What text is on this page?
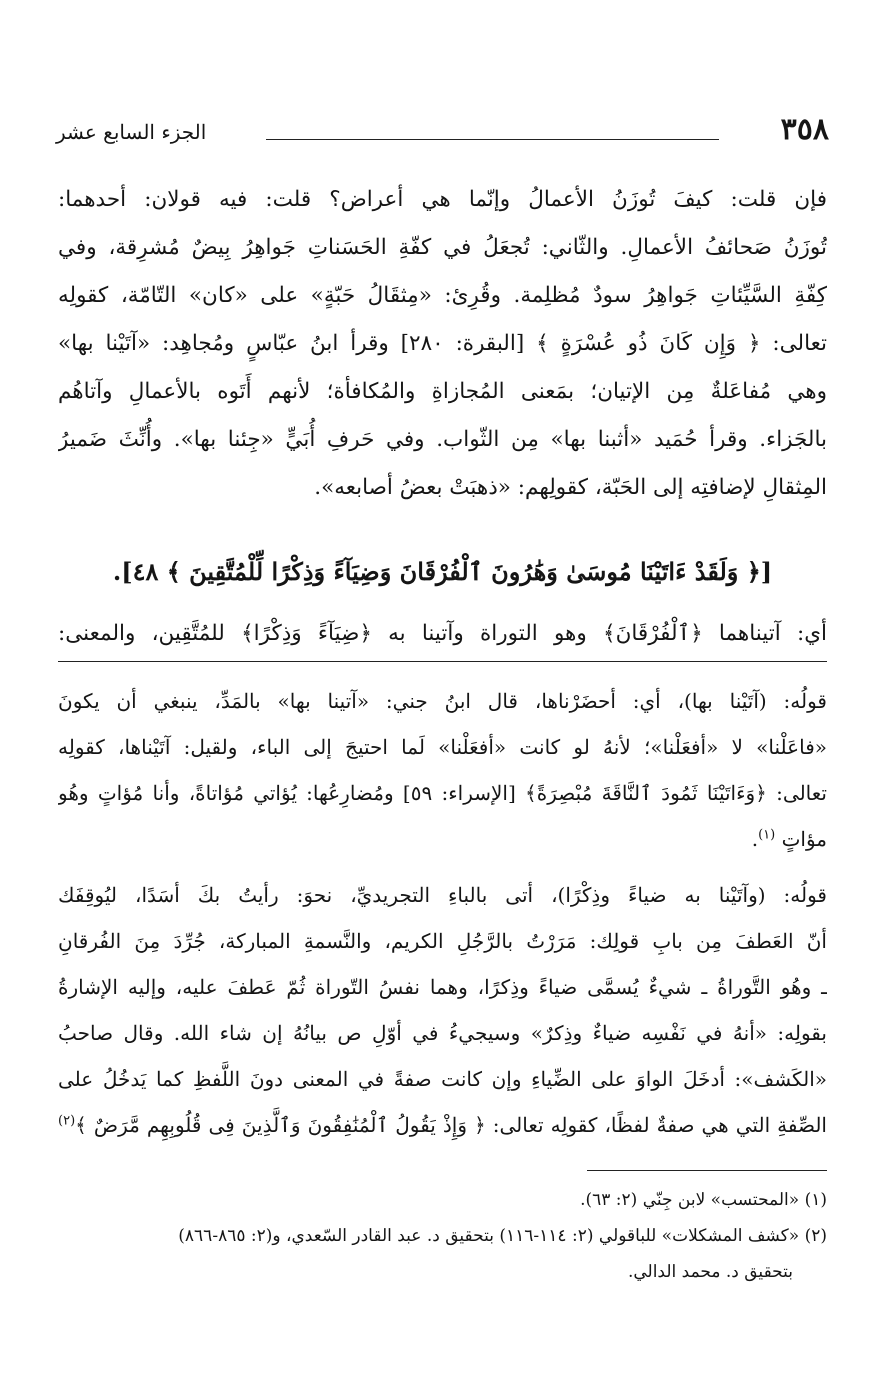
٣٥٨
الجزء السابع عشر
فإن قلت: كيفَ تُوزَنُ الأعمالُ وإنّما هي أعراض؟ قلت: فيه قولان: أحدهما:
تُوزَنُ صَحائفُ الأعمالِ. والثّاني: تُجعَلُ في كفّةِ الحَسَناتِ جَواهِرُ بِيضٌ مُشرِقة، وفي
كِفّةِ السَّيِّئاتِ جَواهِرُ سودٌ مُظلِمة. وقُرِئ: «مِثقَالُ حَبّةٍ» على «كان» التّامّة، كقولِه
تعالى: ﴿ وَإِن كَانَ ذُو عُسْرَةٍ ﴾ [البقرة: ٢٨٠] وقرأ ابنُ عبّاسٍ ومُجاهِد: «آتَيْنا بها»
وهي مُفاعَلةٌ مِن الإتيان؛ بمَعنى المُجازاةِ والمُكافأة؛ لأنهم أَتَوه بالأعمالِ وآتاهُم
بالجَزاء. وقرأ حُمَيد «أثبنا بها» مِن الثّواب. وفي حَرفِ أُبَيٍّ «جِئنا بها». وأُنِّثَ ضَميرُ
المِثقالِ لإضافتِه إلى الحَبّة، كقولِهم: «ذهبَتْ بعضُ أصابعه».
[﴿ وَلَقَدْ ءَاتَيْنَا مُوسَىٰ وَهَٰرُونَ ٱلْفُرْقَانَ وَضِيَآءً وَذِكْرًا لِّلْمُتَّقِينَ ﴾ ٤٨].
أي: آتيناهما ﴿ٱلْفُرْقَانَ﴾ وهو التوراة وآتينا به ﴿ضِيَآءً وَذِكْرًا﴾ للمُتَّقِين، والمعنى:
قولُه: (آتَيْنا بها)، أي: أحضَرْناها، قال ابنُ جني: «آتينا بها» بالمَدِّ، ينبغي أن يكونَ
«فاعَلْنا» لا «أفعَلْنا»؛ لأنهُ لو كانت «أفعَلْنا» لَما احتيجَ إلى الباء، ولقيل: آتَيْناها، كقولِه
تعالى: ﴿وَءَاتَيْنَا ثَمُودَ ٱلنَّاقَةَ مُبْصِرَةً﴾ [الإسراء: ٥٩] ومُضارِعُها: يُؤاتي مُؤاتاةً، وأنا مُؤاتٍ وهُو
مؤاتٍ $^{(١)}$.
قولُه: (وآتَيْنا به ضياءً وذِكْرًا)، أتى بالباءِ التجريديِّ، نحوَ: رأيتُ بكَ أسَدًا، ليُوقِفَك
أنّ العَطفَ مِن بابِ قولِك: مَرَرْتُ بالرَّجُلِ الكريم، والنَّسمةِ المباركة، جُرِّدَ مِنَ الفُرقانِ
ـ وهُو التَّوراةُ ـ شيءٌ يُسمَّى ضياءً وذِكرًا، وهما نفسُ التّوراة ثُمّ عَطفَ عليه، وإليه الإشارةُ
بقولِه: «أنهُ في نَفْسِه ضياءٌ وذِكرٌ» وسيجيءُ في أوّلِ ص بيانُهُ إن شاء الله. وقال صاحبُ
«الكَشف»: أدخَلَ الواوَ على الضِّياءِ وإن كانت صفةً في المعنى دونَ اللَّفظِ كما يَدخُلُ على
الصِّفةِ التي هي صفةٌ لفظًا، كقولِه تعالى: ﴿ وَإِذْ يَقُولُ ٱلْمُنَٰفِقُونَ وَٱلَّذِينَ فِى قُلُوبِهِم مَّرَضٌ ﴾$^{(٢)}$
(١) «المحتسب» لابن جِنّي (٢: ٦٣).
(٢) «كشف المشكلات» للباقولي (٢: ١١٤-١١٦) بتحقيق د. عبد القادر السّعدي، و(٢: ٨٦٥-٨٦٦)
بتحقيق د. محمد الدالي.
